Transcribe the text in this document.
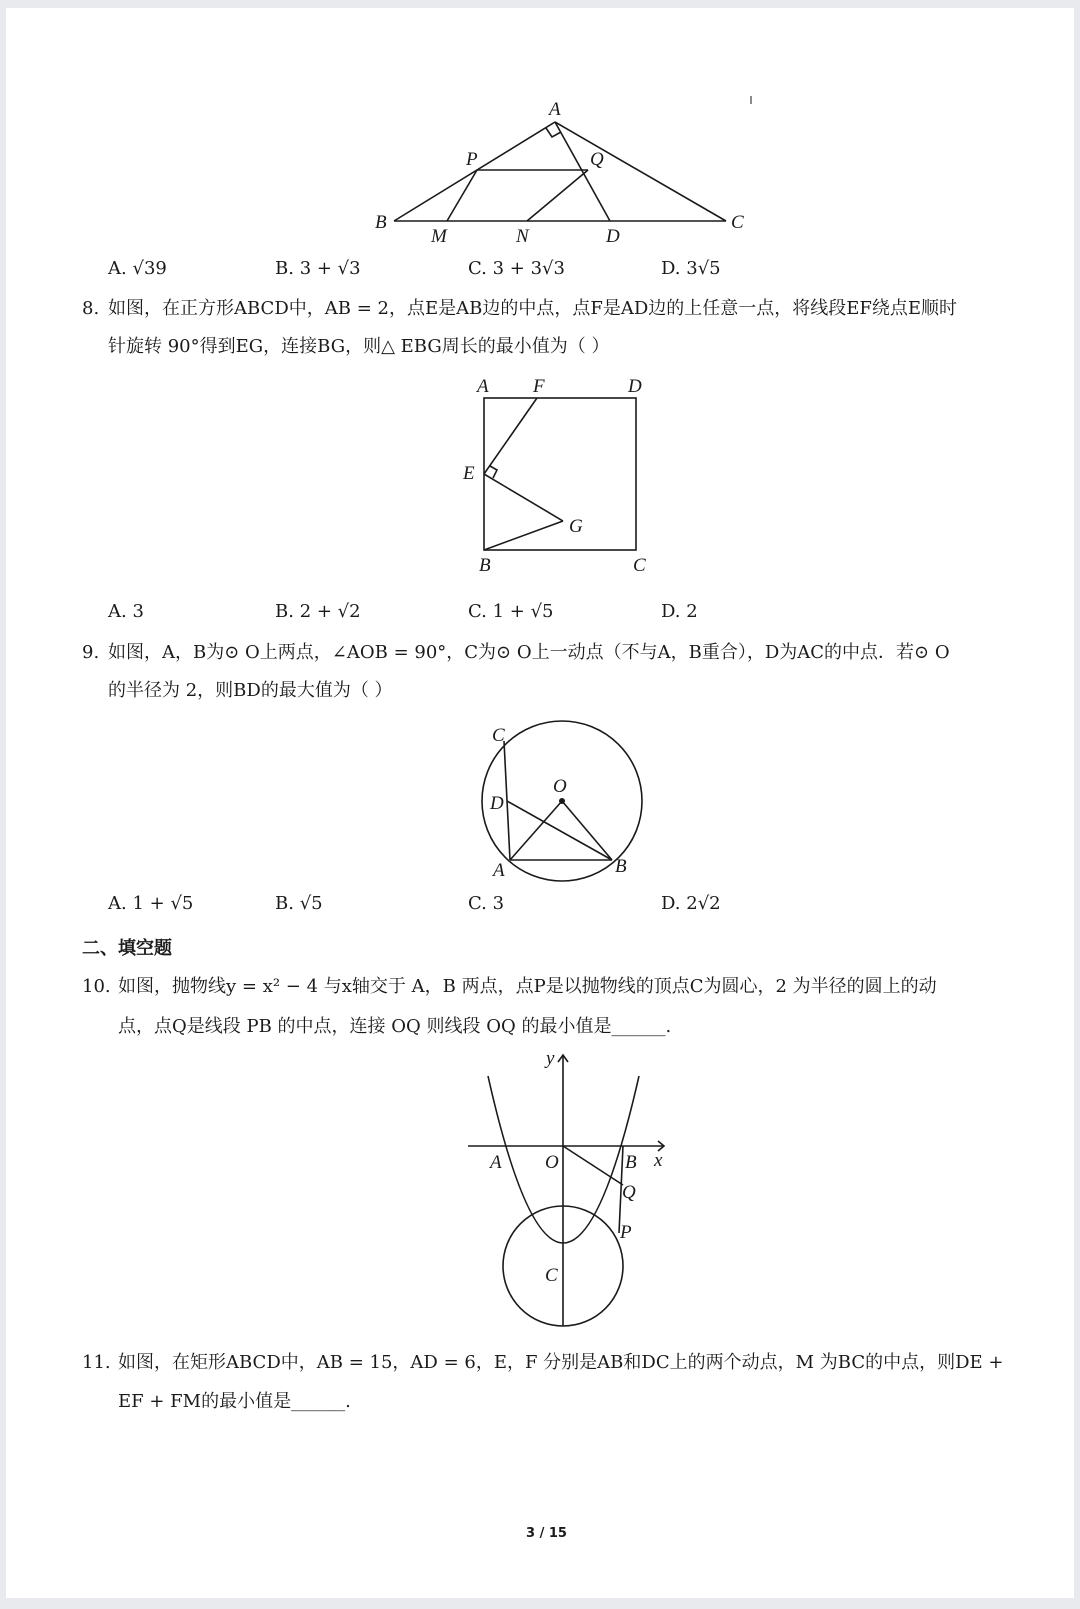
A
P	Q
B
M	N	D
C
A. √39	B. 3 + √3	C. 3 + 3√3	D. 3√5
8. 如图，在正方形ABCD中，AB = 2，点E是AB边的中点，点F是AD边的上任意一点，将线段EF绕点E顺时
针旋转 90°得到EG，连接BG，则△ EBG周长的最小值为（ ）
A F	D
E
G
B	C
A. 3	B. 2 + √2	C. 1 + √5	D. 2
9. 如图，A，B为⊙ O上两点，∠AOB = 90°，C为⊙ O上一动点（不与A，B重合），D为AC的中点．若⊙ O
的半径为 2，则BD的最大值为（ ）
C
D
O
A	B
A. 1 + √5	B. √5	C. 3	D. 2√2
二、填空题
10. 如图，抛物线y = x² − 4 与x轴交于 A，B 两点，点P是以抛物线的顶点C为圆心，2 为半径的圆上的动
点，点Q是线段 PB 的中点，连接 OQ 则线段 OQ 的最小值是______.
y
x
A O	B
Q
P
C
11. 如图，在矩形ABCD中，AB = 15，AD = 6，E，F 分别是AB和DC上的两个动点，M 为BC的中点，则DE +
EF + FM的最小值是______.
3 / 15
